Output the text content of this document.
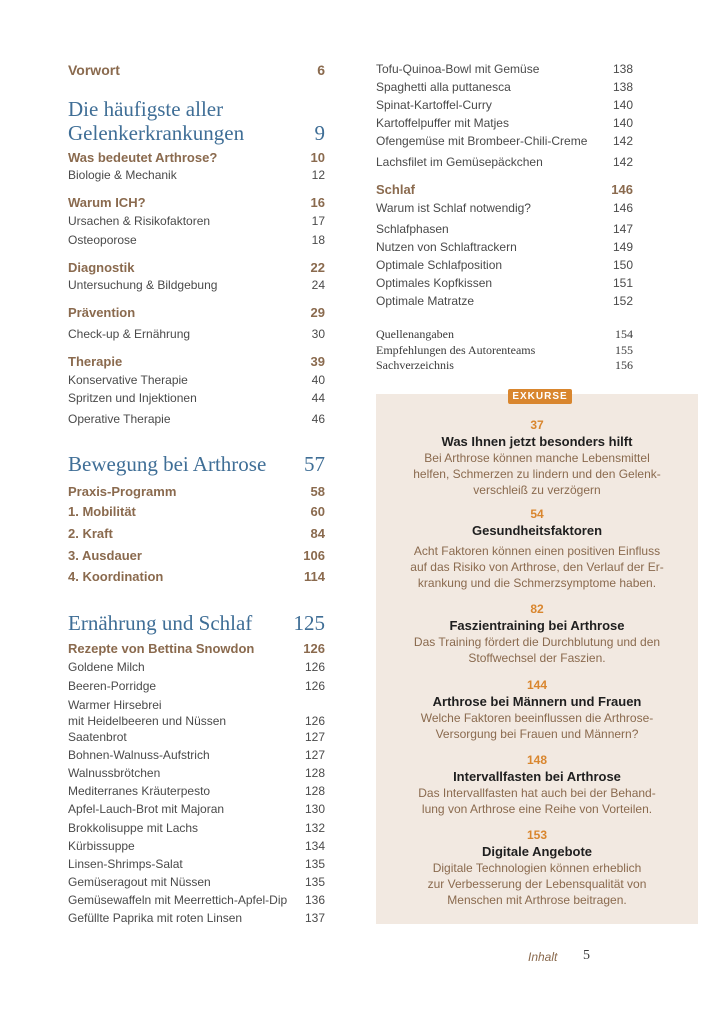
Vorwort	6
Die häufigste aller
Gelenkerkrankungen	9
Was bedeutet Arthrose?	10
Biologie & Mechanik	12
Warum ICH?	16
Ursachen & Risikofaktoren	17
Osteoporose	18
Diagnostik	22
Untersuchung & Bildgebung	24
Prävention	29
Check-up & Ernährung	30
Therapie	39
Konservative Therapie	40
Spritzen und Injektionen	44
Operative Therapie	46
Bewegung bei Arthrose 57
Praxis-Programm	58
1. Mobilität	60
2. Kraft	84
3. Ausdauer	106
4. Koordination	114
Ernährung und Schlaf 125
Rezepte von Bettina Snowdon	126
Goldene Milch	126
Beeren-Porridge	126
Warmer Hirsebrei
mit Heidelbeeren und Nüssen	126
Saatenbrot	127
Bohnen-Walnuss-Aufstrich	127
Walnussbrötchen	128
Mediterranes Kräuterpesto	128
Apfel-Lauch-Brot mit Majoran	130
Brokkolisuppe mit Lachs	132
Kürbissuppe	134
Linsen-Shrimps-Salat	135
Gemüseragout mit Nüssen	135
Gemüsewaffeln mit Meerrettich-Apfel-Dip 136
Gefüllte Paprika mit roten Linsen	137
Tofu-Quinoa-Bowl mit Gemüse	138
Spaghetti alla puttanesca	138
Spinat-Kartoffel-Curry	140
Kartoffelpuffer mit Matjes	140
Ofengemüse mit Brombeer-Chili-Creme 142
Lachsfilet im Gemüsepäckchen	142
Schlaf	146
Warum ist Schlaf notwendig?	146
Schlafphasen	147
Nutzen von Schlaftrackern	149
Optimale Schlafposition	150
Optimales Kopfkissen	151
Optimale Matratze	152
Quellenangaben	154
Empfehlungen des Autorenteams	155
Sachverzeichnis	156
EXKURSE
37
Was Ihnen jetzt besonders hilft
Bei Arthrose können manche Lebensmittel
helfen, Schmerzen zu lindern und den Gelenk-
verschleiß zu verzögern
54
Gesundheitsfaktoren
Acht Faktoren können einen positiven Einfluss
auf das Risiko von Arthrose, den Verlauf der Er-
krankung und die Schmerzsymptome haben.
82
Faszientraining bei Arthrose
Das Training fördert die Durchblutung und den
Stoffwechsel der Faszien.
144
Arthrose bei Männern und Frauen
Welche Faktoren beeinflussen die Arthrose-
Versorgung bei Frauen und Männern?
148
Intervallfasten bei Arthrose
Das Intervallfasten hat auch bei der Behand-
lung von Arthrose eine Reihe von Vorteilen.
153
Digitale Angebote
Digitale Technologien können erheblich
zur Verbesserung der Lebensqualität von
Menschen mit Arthrose beitragen.
Inhalt 5
